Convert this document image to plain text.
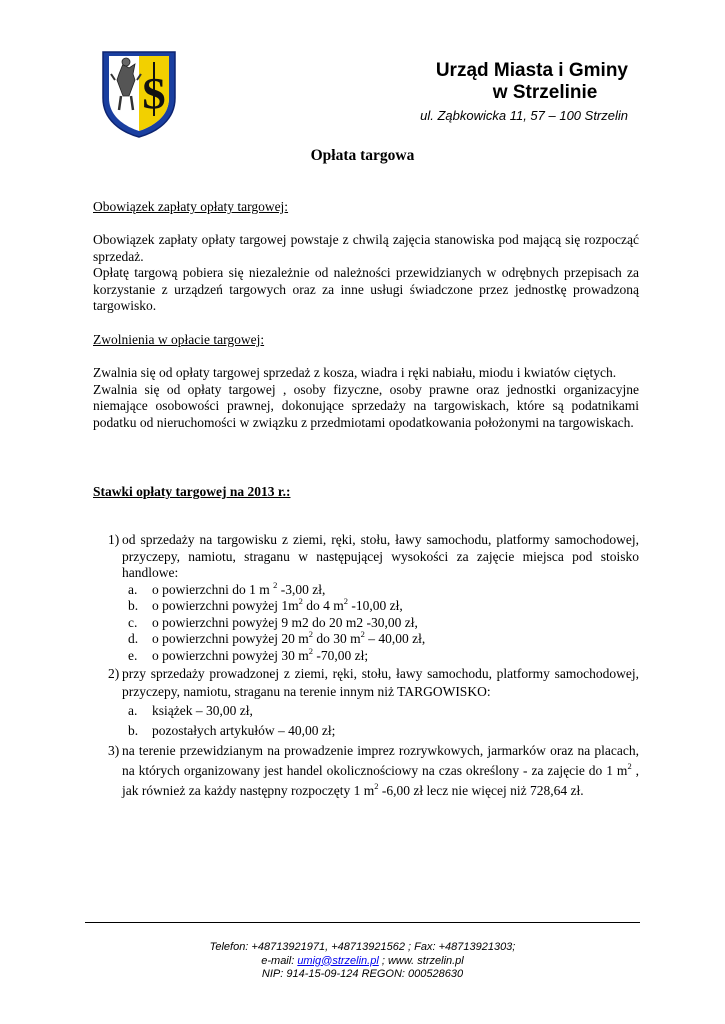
S	Urząd Miasta i Gminy
w Strzelinie
ul. Ząbkowicka 11, 57 – 100 Strzelin
Opłata targowa
Obowiązek zapłaty opłaty targowej:

Obowiązek zapłaty opłaty targowej powstaje z chwilą zajęcia stanowiska pod mającą się rozpocząć sprzedaż.

Opłatę targową pobiera się niezależnie od należności przewidzianych w odrębnych przepisach za korzystanie z urządzeń targowych oraz za inne usługi świadczone przez jednostkę prowadzoną targowisko.

Zwolnienia w opłacie targowej:

Zwalnia się od opłaty targowej sprzedaż z kosza, wiadra i ręki nabiału, miodu i kwiatów ciętych.

Zwalnia się od opłaty targowej , osoby fizyczne, osoby prawne oraz jednostki organizacyjne niemające osobowości prawnej, dokonujące sprzedaży na targowiskach, które są podatnikami podatku od nieruchomości w związku z przedmiotami opodatkowania położonymi na targowiskach.

Stawki opłaty targowej na 2013 r.:
1) od sprzedaży na targowisku z ziemi, ręki, stołu, ławy samochodu, platformy samochodowej, przyczepy, namiotu, straganu w następującej wysokości za zajęcie miejsca pod stoisko handlowe:
a. o powierzchni do 1 m $^2$ -3,00 zł,
b. o powierzchni powyżej $1m^2$ do 4 $m^2$ -10,00 zł,
c. o powierzchni powyżej 9 m2 do 20 m2 -30,00 zł,
d. o powierzchni powyżej 20 $m^2$ do 30 $m^2 - 40,00$ zł,
e. o powierzchni powyżej 30 $m^2$ -70,00 zł;
2) przy sprzedaży prowadzonej z ziemi, ręki, stołu, ławy samochodu, platformy samochodowej, przyczepy, namiotu, straganu na terenie innym niż TARGOWISKO:
a. książek – 30,00 zł,
b. pozostałych artykułów – 40,00 zł;
3) na terenie przewidzianym na prowadzenie imprez rozrywkowych, jarmarków oraz na placach, na których organizowany jest handel okolicznościowy na czas określony - za zajęcie do 1 $m^2$ , jak również za każdy następny rozpoczęty 1 $m^2$ -6,00 zł lecz nie więcej niż 728,64 zł.
Telefon: +48713921971, +48713921562 ; Fax: +48713921303;
e-mail: umig@strzelin.pl ; www. strzelin.pl
NIP: 914-15-09-124 REGON: 000528630
